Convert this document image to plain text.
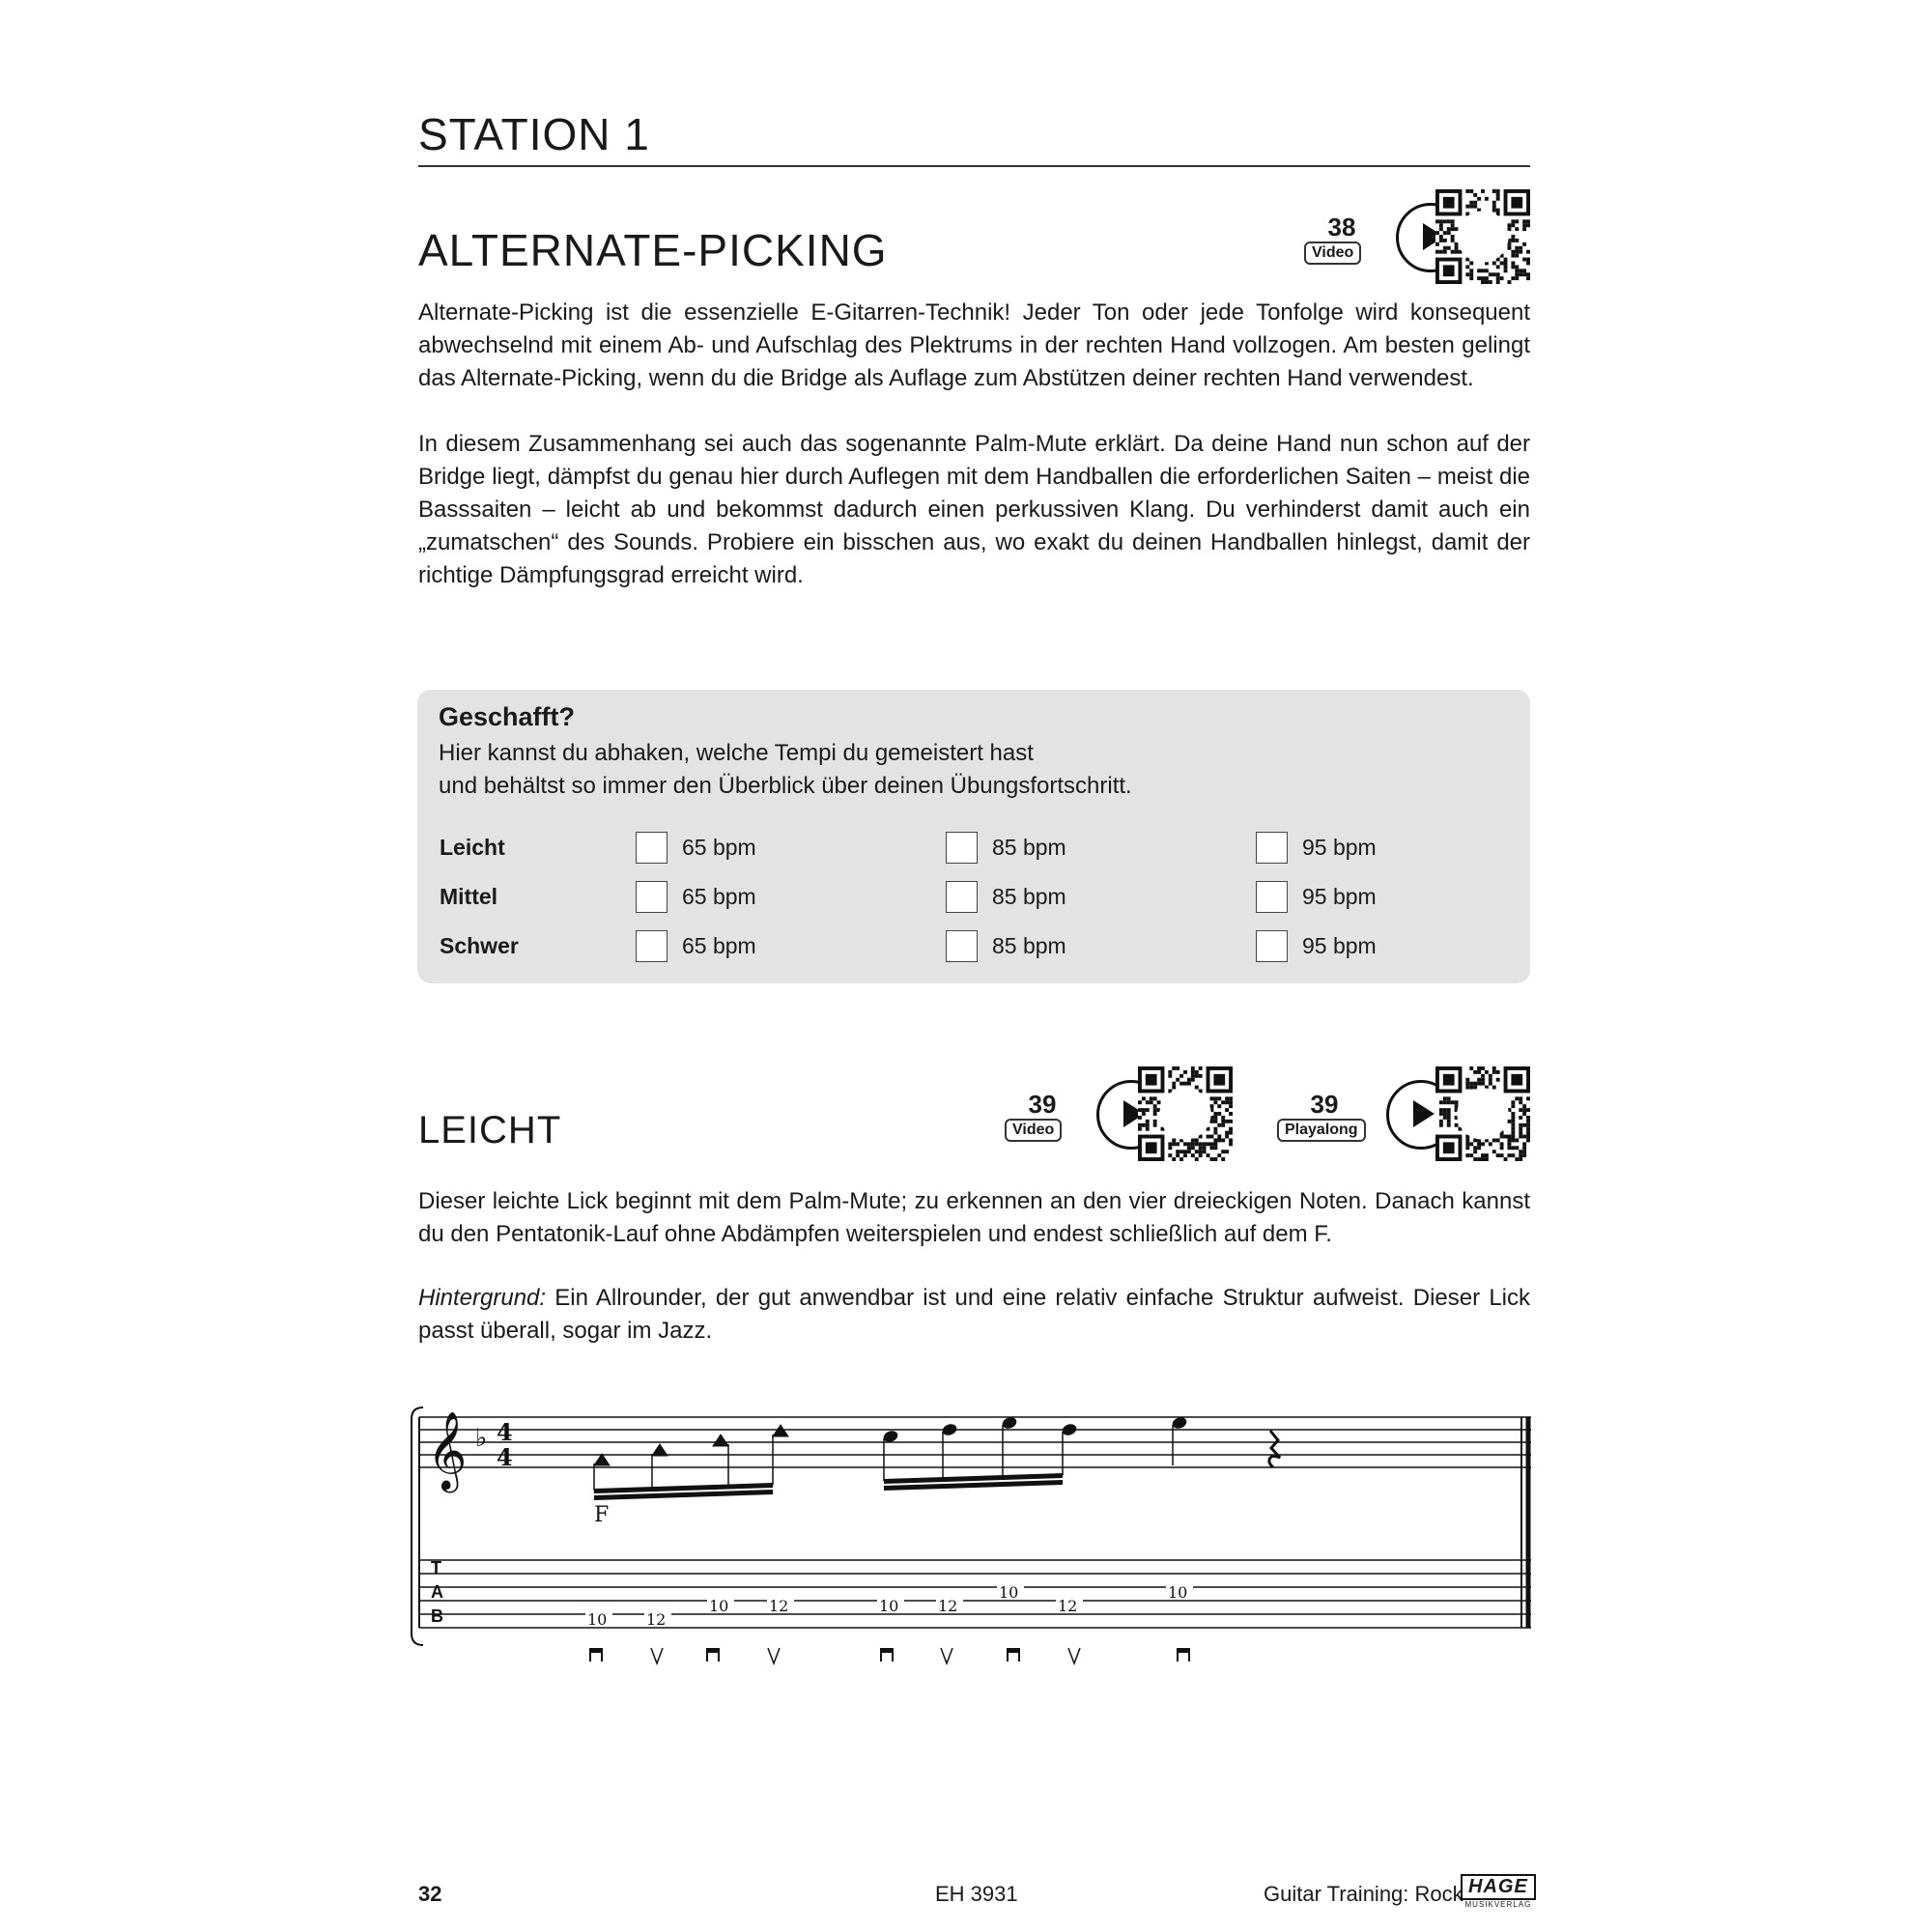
STATION 1
ALTERNATE-PICKING	38
Video

Alternate-Picking ist die essenzielle E-Gitarren-Technik! Jeder Ton oder jede Tonfolge wird konsequent abwechselnd mit einem Ab- und Aufschlag des Plektrums in der rechten Hand vollzogen. Am besten gelingt das Alternate-Picking, wenn du die Bridge als Auflage zum Abstützen deiner rechten Hand verwendest.

In diesem Zusammenhang sei auch das sogenannte Palm-Mute erklärt. Da deine Hand nun schon auf der Bridge liegt, dämpfst du genau hier durch Auflegen mit dem Handballen die erforderlichen Saiten – meist die Basssaiten – leicht ab und bekommst dadurch einen perkussiven Klang. Du verhinderst damit auch ein „zumatschen“ des Sounds. Probiere ein bisschen aus, wo exakt du deinen Handballen hinlegst, damit der richtige Dämpfungsgrad erreicht wird.

Geschafft?
Hier kannst du abhaken, welche Tempi du gemeistert hast
und behältst so immer den Überblick über deinen Übungsfortschritt.
Leicht	65 bpm	85 bpm	95 bpm
Mittel	65 bpm	85 bpm	95 bpm
Schwer	65 bpm	85 bpm	95 bpm
LEICHT
39
Video
39
Playalong

Dieser leichte Lick beginnt mit dem Palm-Mute; zu erkennen an den vier dreieckigen Noten. Danach kannst du den Pentatonik-Lauf ohne Abdämpfen weiterspielen und endest schließlich auf dem F.

Hintergrund: Ein Allrounder, der gut anwendbar ist und eine relativ einfache Struktur aufweist. Dieser Lick passt überall, sogar im Jazz.

𝄞 ♭ 4
4
F
T
A
B	10	12
10	12	10	12
10
12
10
32	EH 3931	Guitar Training: Rock HAGE
MUSIKVERLAG
